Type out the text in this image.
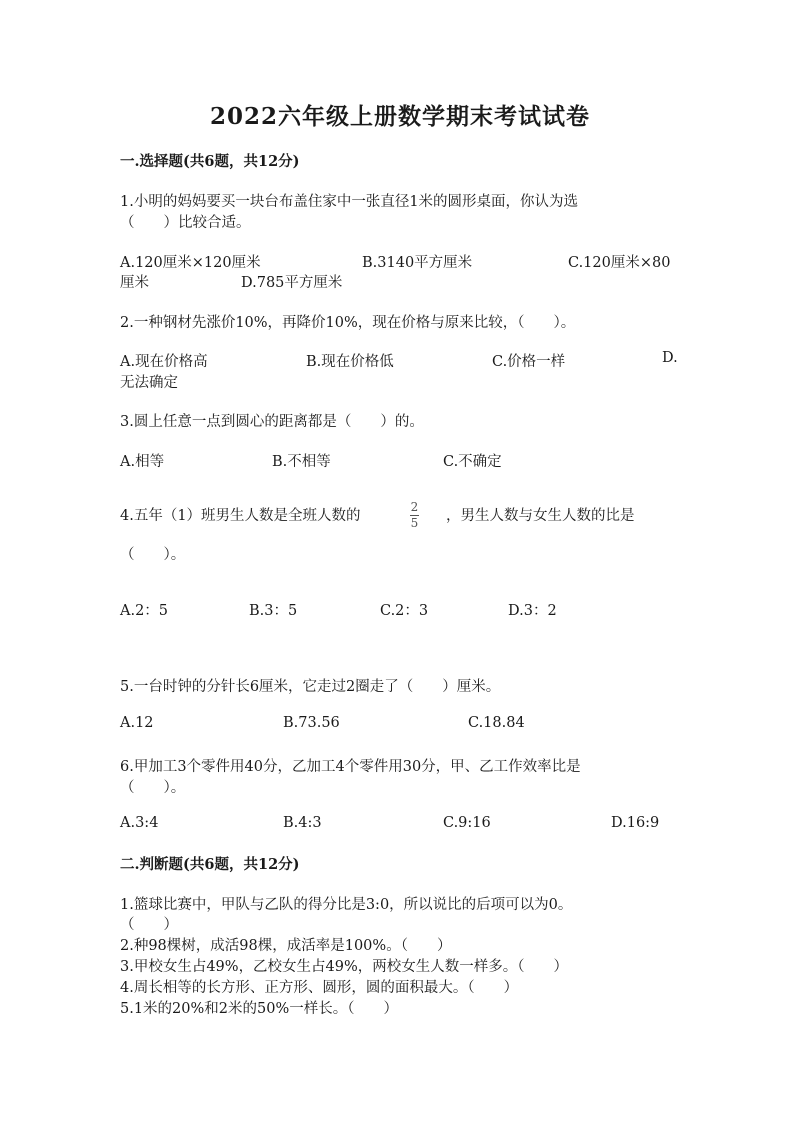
2022六年级上册数学期末考试试卷
一.选择题(共6题，共12分)
1.小明的妈妈要买一块台布盖住家中一张直径1米的圆形桌面，你认为选
（　　）比较合适。
A.120厘米×120厘米	B.3140平方厘米	C.120厘米×80
厘米	D.785平方厘米
2.一种钢材先涨价10%，再降价10%，现在价格与原来比较，（　　）。
A.现在价格高	B.现在价格低	C.价格一样	D.
无法确定
3.圆上任意一点到圆心的距离都是（　　）的。
A.相等	B.不相等	C.不确定
4.五年（1）班男生人数是全班人数的	$\frac{2}{5}$ ，男生人数与女生人数的比是
（　　）。
A.2：5	B.3：5	C.2：3	D.3：2
5.一台时钟的分针长6厘米，它走过2圈走了（　　）厘米。
A.12	B.73.56	C.18.84
6.甲加工3个零件用40分，乙加工4个零件用30分，甲、乙工作效率比是
（　　）。
A.3:4	B.4:3	C.9:16	D.16:9
二.判断题(共6题，共12分)
1.篮球比赛中，甲队与乙队的得分比是3:0，所以说比的后项可以为0。
（　　）
2.种98棵树，成活98棵，成活率是100%。（　　）
3.甲校女生占49%，乙校女生占49%，两校女生人数一样多。（　　）
4.周长相等的长方形、正方形、圆形，圆的面积最大。（　　）
5.1米的20%和2米的50%一样长。（　　）
